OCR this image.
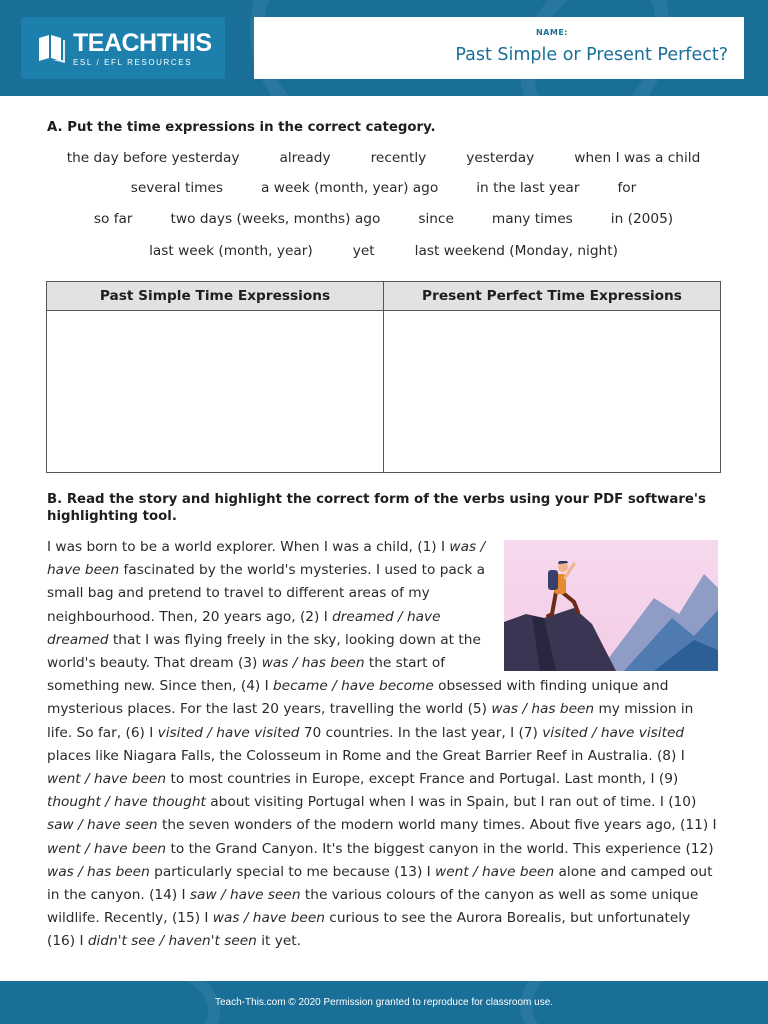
TEACHTHIS
ESL / EFL RESOURCES
NAME:
Past Simple or Present Perfect?
A. Put the time expressions in the correct category.
the day before yesterday	already	recently	yesterday	when I was a child
several times	a week (month, year) ago	in the last year	for
so far	two days (weeks, months) ago	since	many times	in (2005)
last week (month, year)	yet	last weekend (Monday, night)
Past Simple Time Expressions	Present Perfect Time Expressions

B. Read the story and highlight the correct form of the verbs using your PDF software's highlighting tool.
I was born to be a world explorer. When I was a child, (1) I was / have been fascinated by the world's mysteries. I used to pack a small bag and pretend to travel to different areas of my neighbourhood. Then, 20 years ago, (2) I dreamed / have dreamed that I was flying freely in the sky, looking down at the world's beauty. That dream (3) was / has been the start of something new. Since then, (4) I became / have become obsessed with finding unique and mysterious places. For the last 20 years, travelling the world (5) was / has been my mission in life. So far, (6) I visited / have visited 70 countries. In the last year, I (7) visited / have visited places like Niagara Falls, the Colosseum in Rome and the Great Barrier Reef in Australia. (8) I went / have been to most countries in Europe, except France and Portugal. Last month, I (9) thought / have thought about visiting Portugal when I was in Spain, but I ran out of time. I (10) saw / have seen the seven wonders of the modern world many times. About five years ago, (11) I went / have been to the Grand Canyon. It's the biggest canyon in the world. This experience (12) was / has been particularly special to me because (13) I went / have been alone and camped out in the canyon. (14) I saw / have seen the various colours of the canyon as well as some unique wildlife. Recently, (15) I was / have been curious to see the Aurora Borealis, but unfortunately (16) I didn't see / haven't seen it yet.
Teach-This.com © 2020 Permission granted to reproduce for classroom use.
